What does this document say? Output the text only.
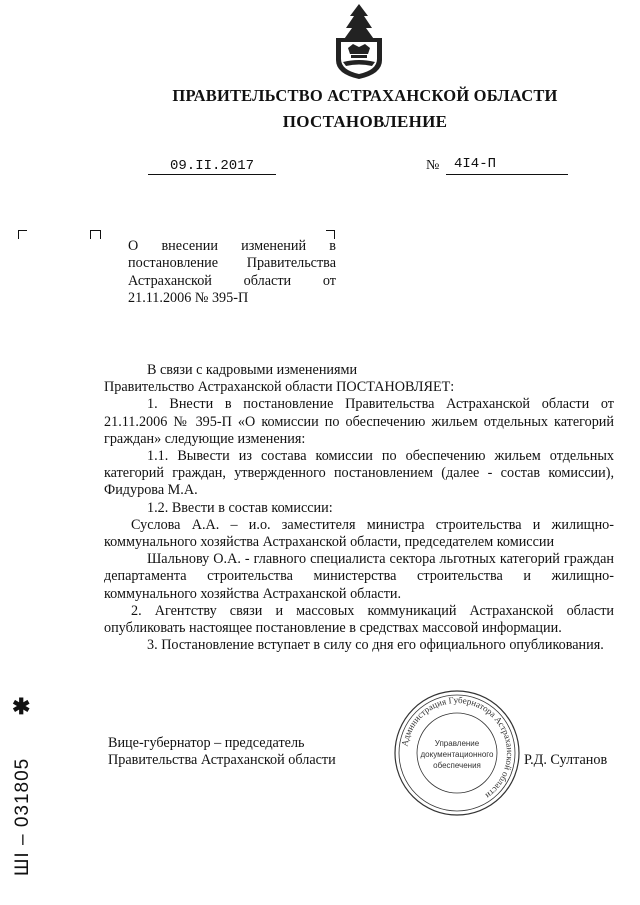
ПРАВИТЕЛЬСТВО АСТРАХАНСКОЙ ОБЛАСТИ
ПОСТАНОВЛЕНИЕ
09.II.2017	№ 4I4-П

О внесении изменений в

постановление Правительства

Астраханской области от

21.11.2006 № 395-П

В связи с кадровыми изменениями

Правительство Астраханской области ПОСТАНОВЛЯЕТ:

1. Внести в постановление Правительства Астраханской области от 21.11.2006 № 395-П «О комиссии по обеспечению жильем отдельных категорий граждан» следующие изменения:

1.1. Вывести из состава комиссии по обеспечению жильем отдельных категорий граждан, утвержденного постановлением (далее - состав комиссии), Фидурова М.А.

1.2. Ввести в состав комиссии:

Суслова А.А. – и.о. заместителя министра строительства и жилищно-коммунального хозяйства Астраханской области, председателем комиссии

Шальнову О.А. - главного специалиста сектора льготных категорий граждан департамента строительства министерства строительства и жилищно-коммунального хозяйства Астраханской области.

2. Агентству связи и массовых коммуникаций Астраханской области опубликовать настоящее постановление в средствах массовой информации.

3. Постановление вступает в силу со дня его официального опубликования.

Вице-губернатор – председатель
Правительства Астраханской области	Р.Д. Султанов
Администрация Губернатора Астраханской области
Управление
документационного
обеспечения
✱
ШІ – 031805
